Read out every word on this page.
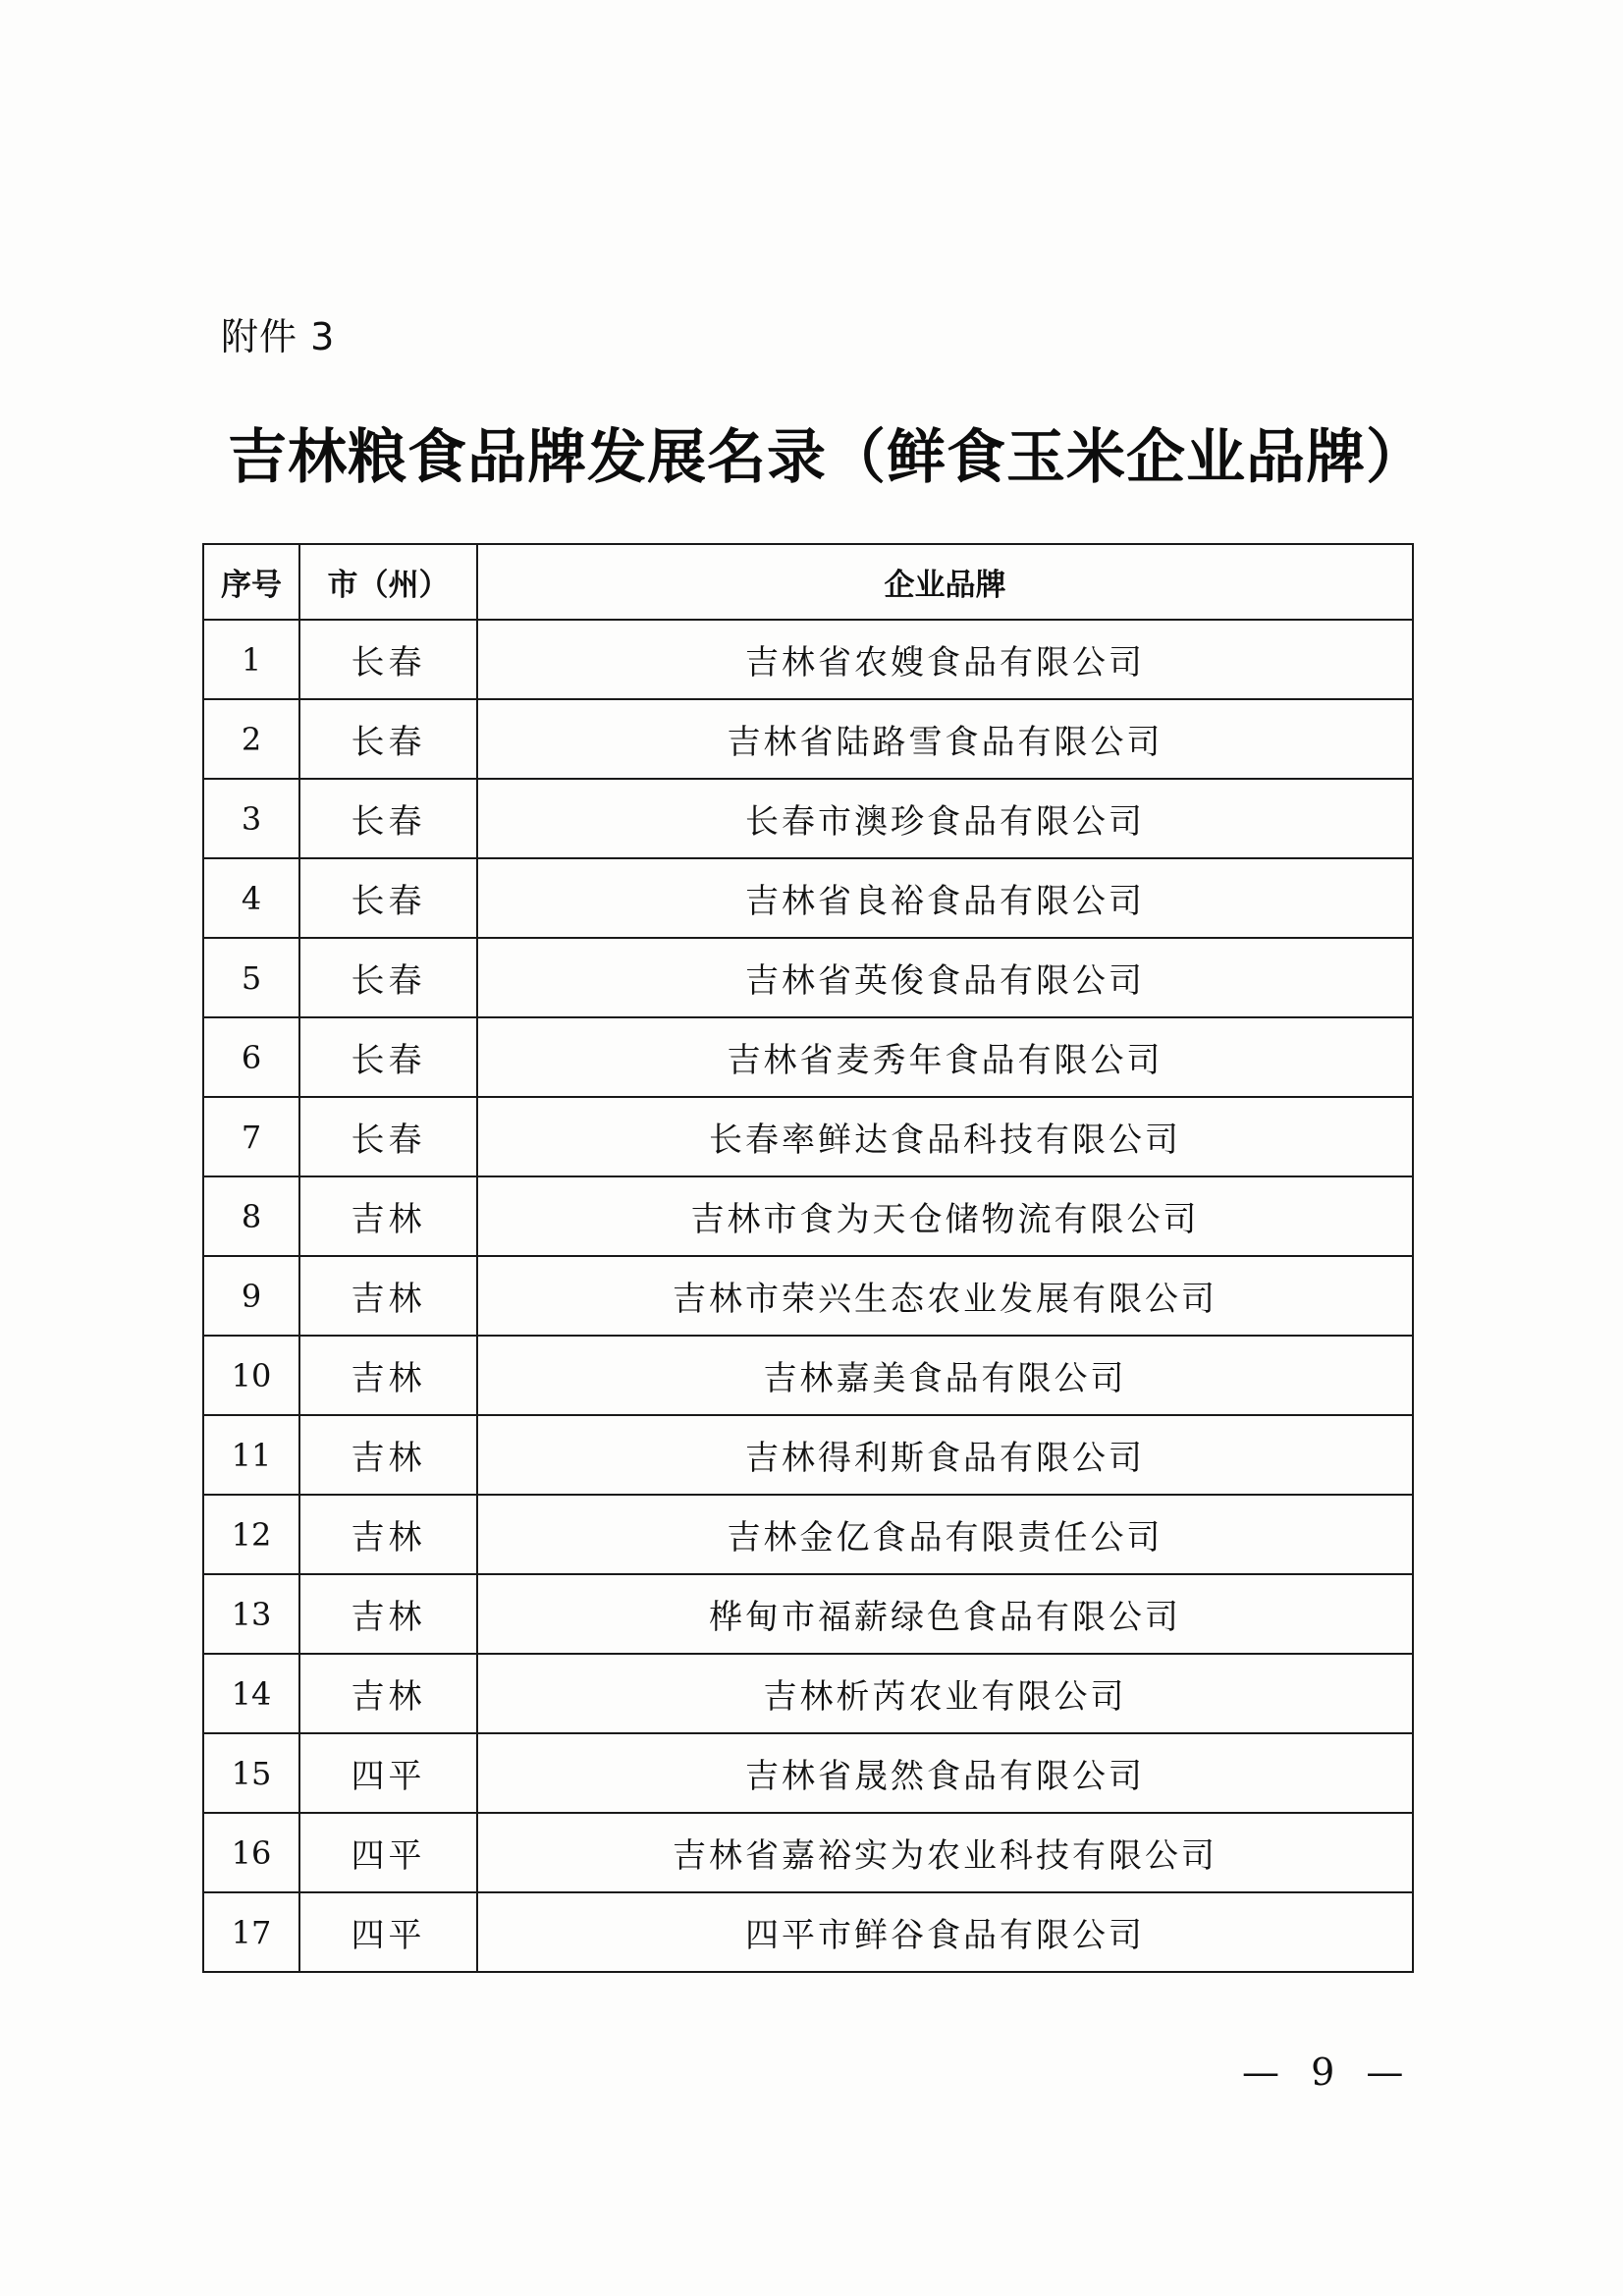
附件 3
吉林粮食品牌发展名录（鲜食玉米企业品牌）
序号	市（州）	企业品牌
1	长春	吉林省农嫂食品有限公司
2	长春	吉林省陆路雪食品有限公司
3	长春	长春市澳珍食品有限公司
4	长春	吉林省良裕食品有限公司
5	长春	吉林省英俊食品有限公司
6	长春	吉林省麦秀年食品有限公司
7	长春	长春率鲜达食品科技有限公司
8	吉林	吉林市食为天仓储物流有限公司
9	吉林	吉林市荣兴生态农业发展有限公司
10	吉林	吉林嘉美食品有限公司
11	吉林	吉林得利斯食品有限公司
12	吉林	吉林金亿食品有限责任公司
13	吉林	桦甸市福薪绿色食品有限公司
14	吉林	吉林析芮农业有限公司
15	四平	吉林省晟然食品有限公司
16	四平	吉林省嘉裕实为农业科技有限公司
17	四平	四平市鲜谷食品有限公司
— 9 —
